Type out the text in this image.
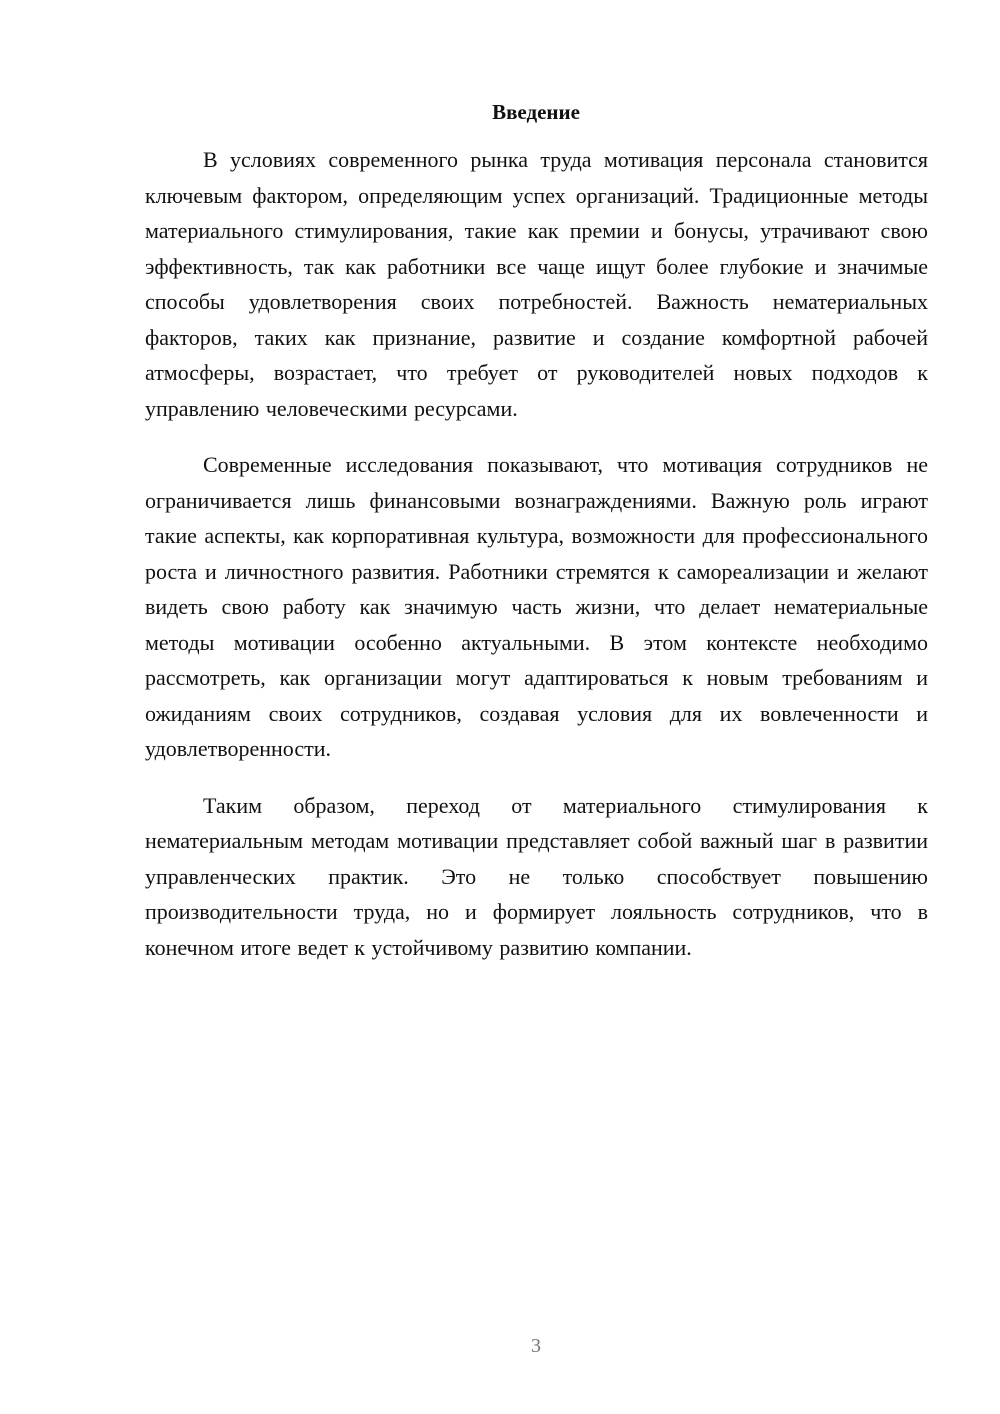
Введение

В условиях современного рынка труда мотивация персонала становится ключевым фактором, определяющим успех организаций. Традиционные методы материального стимулирования, такие как премии и бонусы, утрачивают свою эффективность, так как работники все чаще ищут более глубокие и значимые способы удовлетворения своих потребностей. Важность нематериальных факторов, таких как признание, развитие и создание комфортной рабочей атмосферы, возрастает, что требует от руководителей новых подходов к управлению человеческими ресурсами.

Современные исследования показывают, что мотивация сотрудников не ограничивается лишь финансовыми вознаграждениями. Важную роль играют такие аспекты, как корпоративная культура, возможности для профессионального роста и личностного развития. Работники стремятся к самореализации и желают видеть свою работу как значимую часть жизни, что делает нематериальные методы мотивации особенно актуальными. В этом контексте необходимо рассмотреть, как организации могут адаптироваться к новым требованиям и ожиданиям своих сотрудников, создавая условия для их вовлеченности и удовлетворенности.

Таким образом, переход от материального стимулирования к нематериальным методам мотивации представляет собой важный шаг в развитии управленческих практик. Это не только способствует повышению производительности труда, но и формирует лояльность сотрудников, что в конечном итоге ведет к устойчивому развитию компании.

3
